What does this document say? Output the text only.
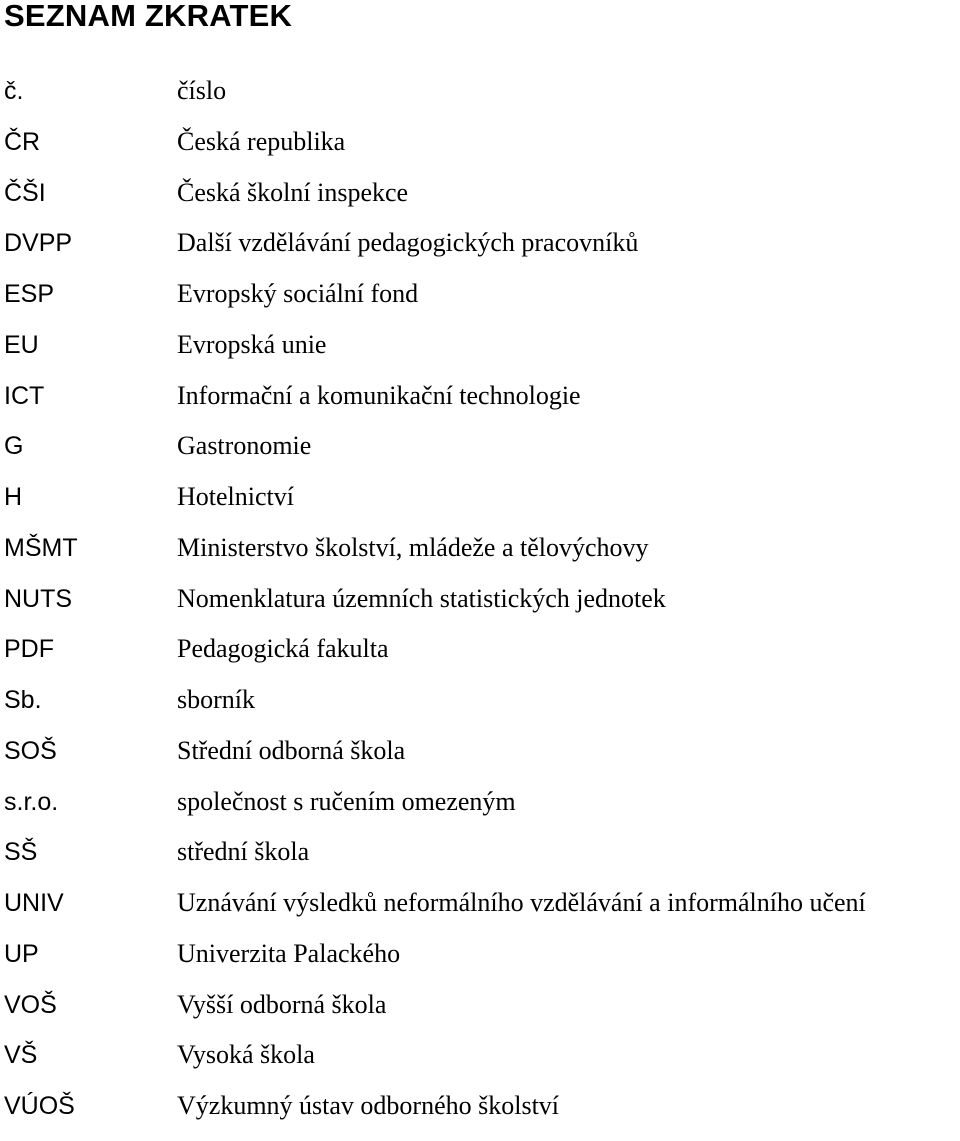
SEZNAM ZKRATEK
č.	číslo
ČR	Česká republika
ČŠI	Česká školní inspekce
DVPP	Další vzdělávání pedagogických pracovníků
ESP	Evropský sociální fond
EU	Evropská unie
ICT	Informační a komunikační technologie
G	Gastronomie
H	Hotelnictví
MŠMT	Ministerstvo školství, mládeže a tělovýchovy
NUTS	Nomenklatura územních statistických jednotek
PDF	Pedagogická fakulta
Sb.	sborník
SOŠ	Střední odborná škola
s.r.o.	společnost s ručením omezeným
SŠ	střední škola
UNIV	Uznávání výsledků neformálního vzdělávání a informálního učení
UP	Univerzita Palackého
VOŠ	Vyšší odborná škola
VŠ	Vysoká škola
VÚOŠ	Výzkumný ústav odborného školství
